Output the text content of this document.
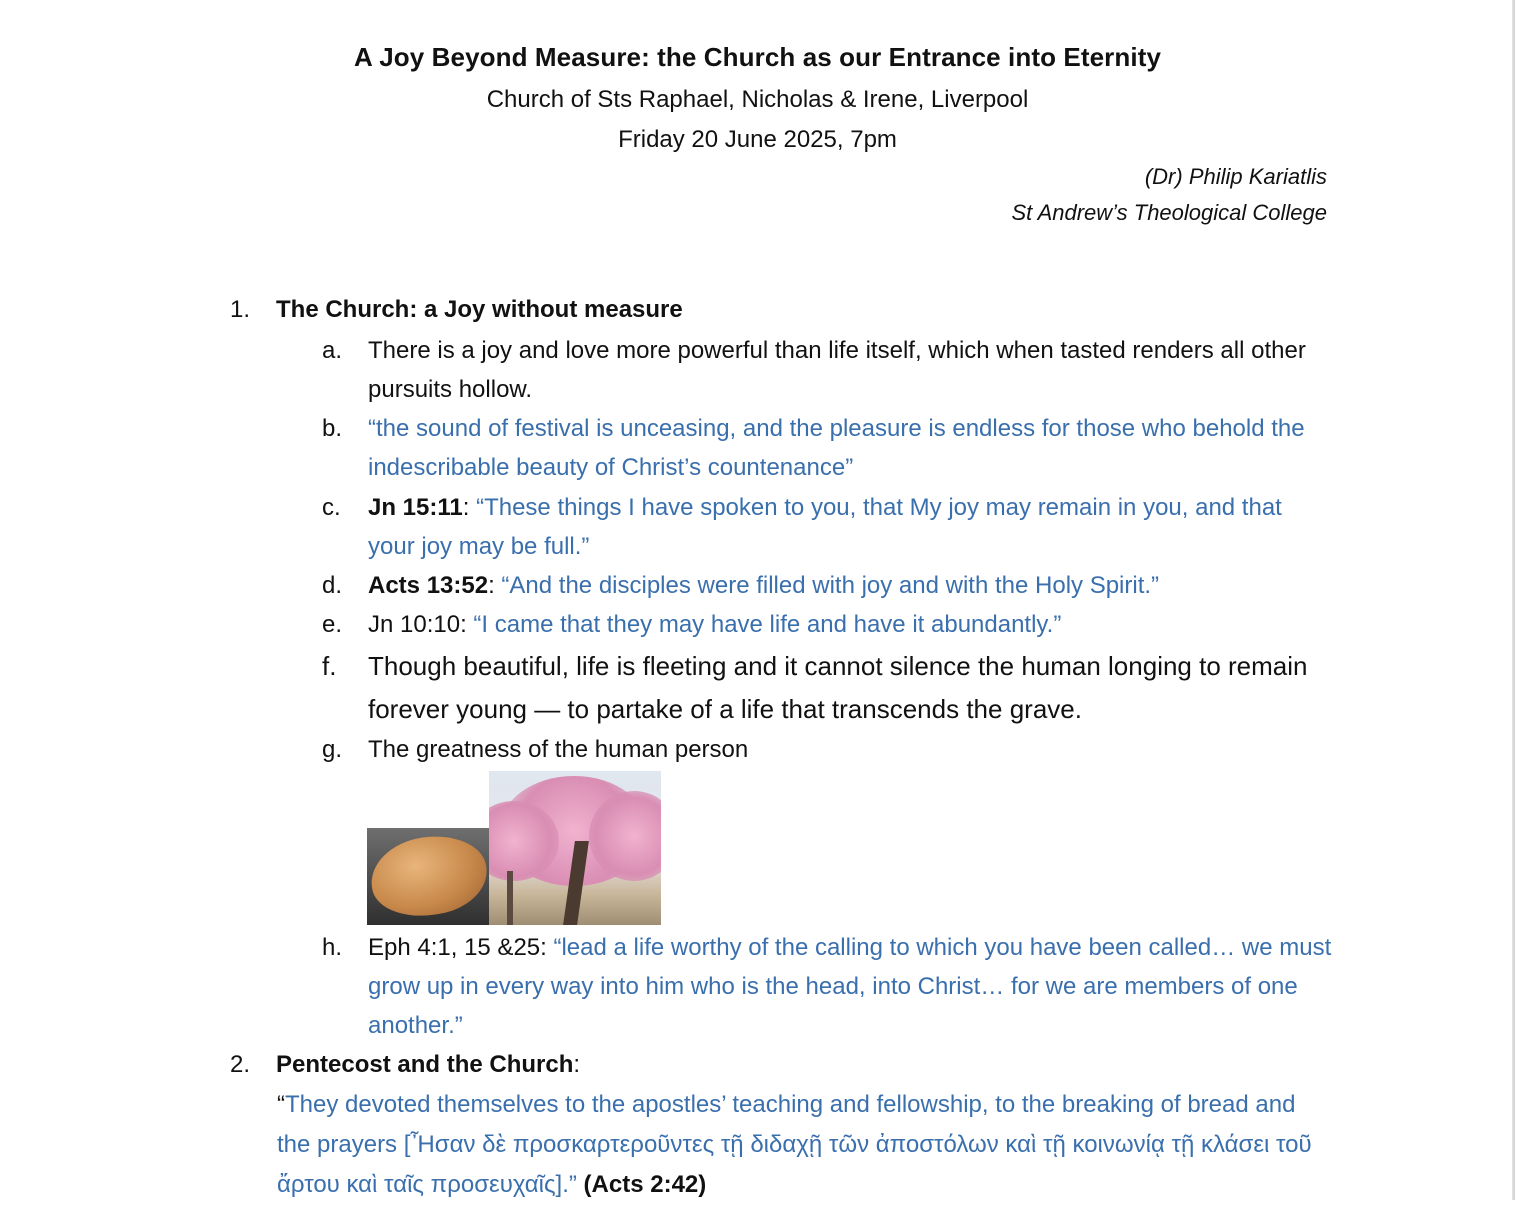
A Joy Beyond Measure: the Church as our Entrance into Eternity
Church of Sts Raphael, Nicholas & Irene, Liverpool
Friday 20 June 2025, 7pm
(Dr) Philip Kariatlis
St Andrew’s Theological College
1. The Church: a Joy without measure
a. There is a joy and love more powerful than life itself, which when tasted renders all other pursuits hollow.
b. “the sound of festival is unceasing, and the pleasure is endless for those who behold the indescribable beauty of Christ’s countenance”
c. Jn 15:11: “These things I have spoken to you, that My joy may remain in you, and that your joy may be full.”
d. Acts 13:52: “And the disciples were filled with joy and with the Holy Spirit.”
e. Jn 10:10: “I came that they may have life and have it abundantly.”
f. Though beautiful, life is fleeting and it cannot silence the human longing to remain forever young — to partake of a life that transcends the grave.
g. The greatness of the human person
h. Eph 4:1, 15 &25: “lead a life worthy of the calling to which you have been called… we must grow up in every way into him who is the head, into Christ… for we are members of one another.”
2. Pentecost and the Church:
“They devoted themselves to the apostles’ teaching and fellowship, to the breaking of bread and the prayers [Ἦσαν δὲ προσκαρτεροῦντες τῇ διδαχῇ τῶν ἀποστόλων καὶ τῇ κοινωνίᾳ τῇ κλάσει τοῦ ἄρτου καὶ ταῖς προσευχαῖς].” (Acts 2:42)
